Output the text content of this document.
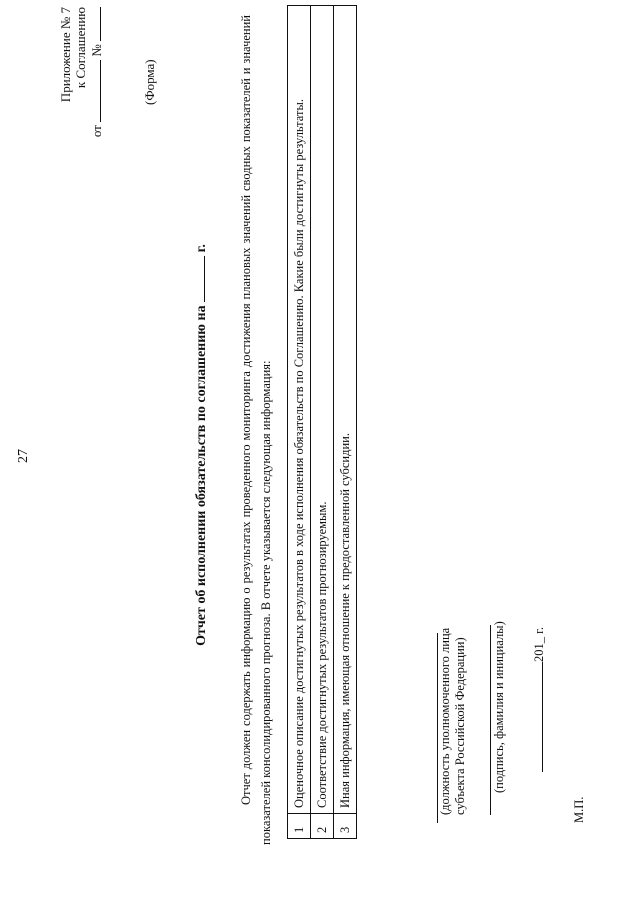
27
Приложение № 7 к Соглашению
от  №
(Форма)
Отчет об исполнении обязательств по соглашению на  г. Отчет должен содержать информацию о результатах проведенного мониторинга достижения плановых значений сводных показателей и значений показателей консолидированного прогноза. В отчете указывается следующая информация: 1	Оценочное описание достигнутых результатов в ходе исполнения обязательств по Соглашению. Какие были достигнуты результаты.
2	Соответствие достигнутых результатов прогнозируемым.
3	Иная информация, имеющая отношение к предоставленной субсидии.	(должность уполномоченного лица субъекта Российской Федерации) (подпись, фамилия и инициалы) 201_ г.
М.П.
